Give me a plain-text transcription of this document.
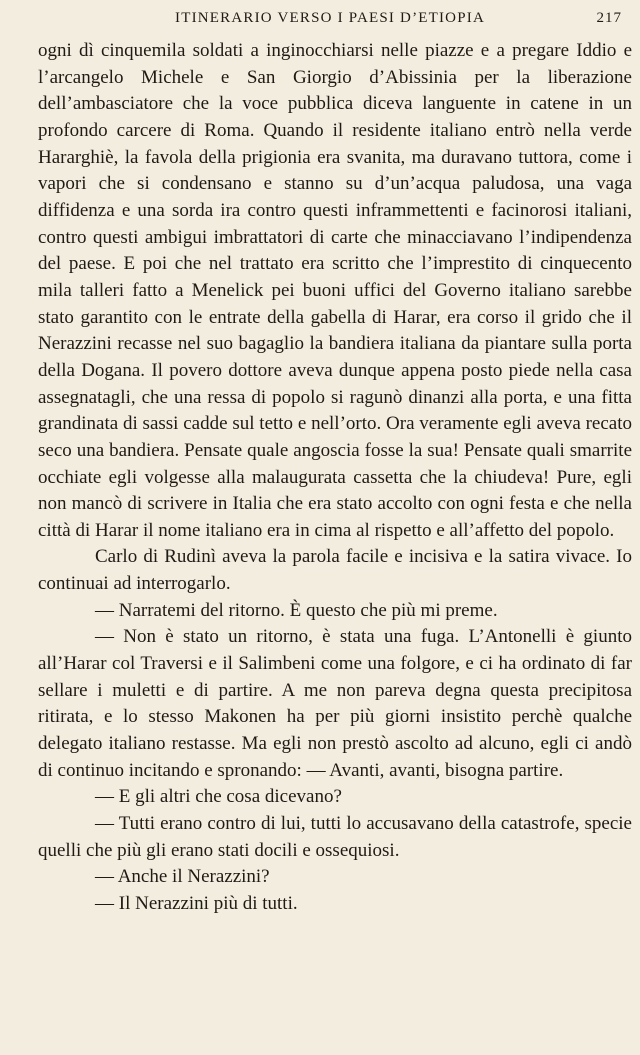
ITINERARIO VERSO I PAESI D’ETIOPIA	217

ogni dì cinquemila soldati a inginocchiarsi nelle piazze e a pregare Iddio e l’arcangelo Michele e San Giorgio d’Abissinia per la liberazione dell’ambasciatore che la voce pubblica diceva languente in catene in un profondo carcere di Roma. Quando il residente italiano entrò nella verde Hararghiè, la favola della prigionia era svanita, ma duravano tuttora, come i vapori che si condensano e stanno su d’un’acqua paludosa, una vaga diffidenza e una sorda ira contro questi inframmettenti e facinorosi italiani, contro questi ambigui imbrattatori di carte che minacciavano l’indipendenza del paese. E poi che nel trattato era scritto che l’imprestito di cinquecento mila talleri fatto a Menelick pei buoni uffici del Governo italiano sarebbe stato garantito con le entrate della gabella di Harar, era corso il grido che il Nerazzini recasse nel suo bagaglio la bandiera italiana da piantare sulla porta della Dogana. Il povero dottore aveva dunque appena posto piede nella casa assegnatagli, che una ressa di popolo si ragunò dinanzi alla porta, e una fitta grandinata di sassi cadde sul tetto e nell’orto. Ora veramente egli aveva recato seco una bandiera. Pensate quale angoscia fosse la sua! Pensate quali smarrite occhiate egli volgesse alla malaugurata cassetta che la chiudeva! Pure, egli non mancò di scrivere in Italia che era stato accolto con ogni festa e che nella città di Harar il nome italiano era in cima al rispetto e all’affetto del popolo.

Carlo di Rudinì aveva la parola facile e incisiva e la satira vivace. Io continuai ad interrogarlo.

— Narratemi del ritorno. È questo che più mi preme.

— Non è stato un ritorno, è stata una fuga. L’Antonelli è giunto all’Harar col Traversi e il Salimbeni come una folgore, e ci ha ordinato di far sellare i muletti e di partire. A me non pareva degna questa precipitosa ritirata, e lo stesso Makonen ha per più giorni insistito perchè qualche delegato italiano restasse. Ma egli non prestò ascolto ad alcuno, egli ci andò di continuo incitando e spronando: — Avanti, avanti, bisogna partire.

— E gli altri che cosa dicevano?

— Tutti erano contro di lui, tutti lo accusavano della catastrofe, specie quelli che più gli erano stati docili e ossequiosi.

— Anche il Nerazzini?

— Il Nerazzini più di tutti.
